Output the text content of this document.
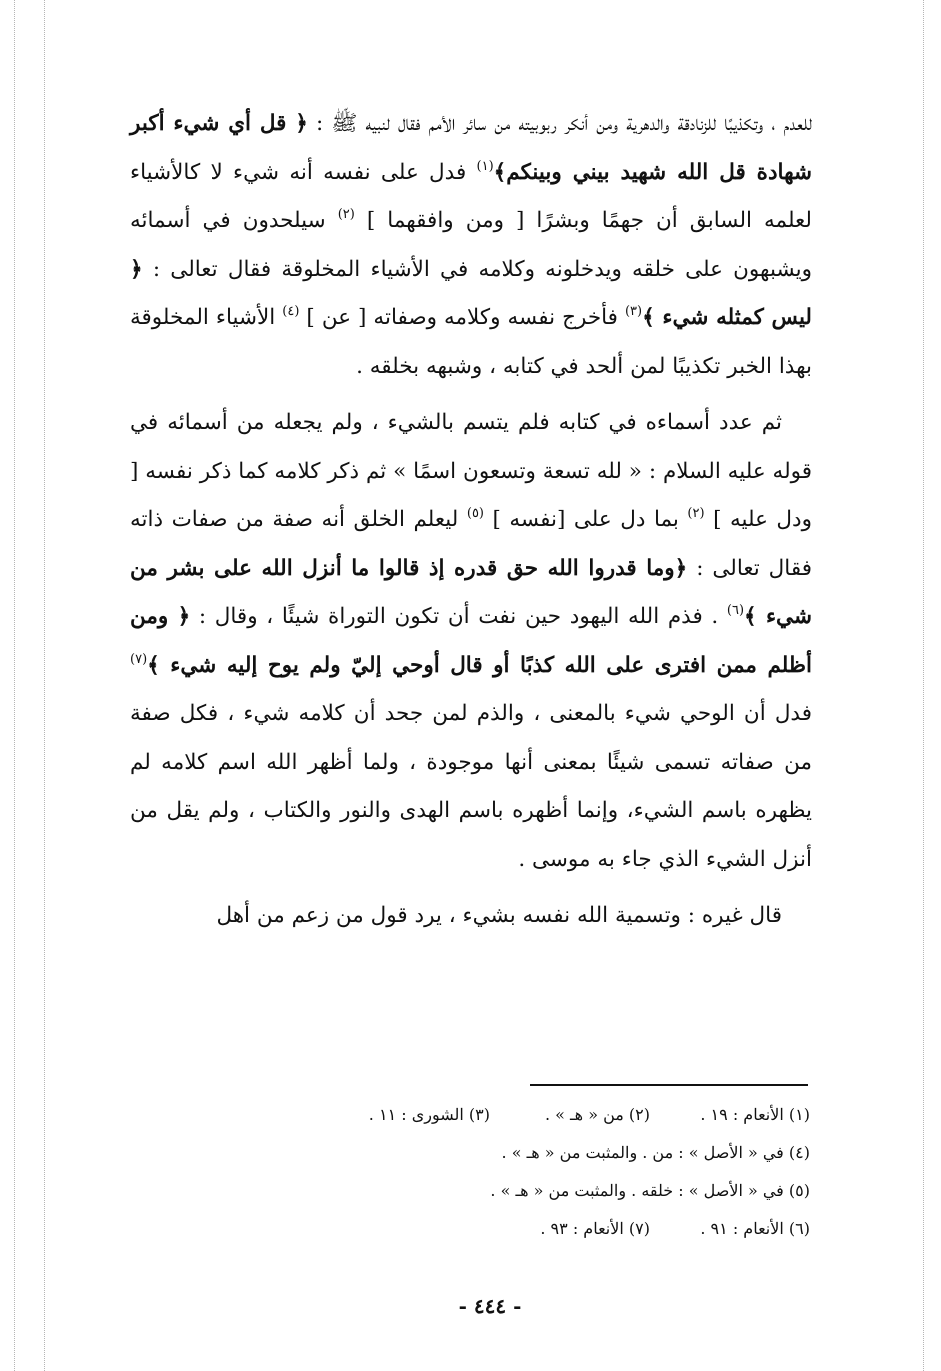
للعدم ، وتكذيبًا للزنادقة والدهرية ومن أنكر ربوبيته من سائر الأمم فقال لنبيه ﷺ : ﴿ قل أي شيء أكبر شهادة قل الله شهيد بيني وبينكم﴾$^{(١)}$ فدل على نفسه أنه شيء لا كالأشياء لعلمه السابق أن جهمًا وبشرًا [ ومن وافقهما ] $^{(٢)}$ سيلحدون في أسمائه ويشبهون على خلقه ويدخلونه وكلامه في الأشياء المخلوقة فقال تعالى : ﴿ ليس كمثله شيء ﴾$^{(٣)}$ فأخرج نفسه وكلامه وصفاته [ عن ] $^{(٤)}$ الأشياء المخلوقة بهذا الخبر تكذيبًا لمن ألحد في كتابه ، وشبهه بخلقه .

ثم عدد أسماءه في كتابه فلم يتسم بالشيء ، ولم يجعله من أسمائه في قوله عليه السلام : « لله تسعة وتسعون اسمًا » ثم ذكر كلامه كما ذكر نفسه [ ودل عليه ] $^{(٢)}$ بما دل على [نفسه ] $^{(٥)}$ ليعلم الخلق أنه صفة من صفات ذاته فقال تعالى : ﴿وما قدروا الله حق قدره إذ قالوا ما أنزل الله على بشر من شيء ﴾$^{(٦)}$ . فذم الله اليهود حين نفت أن تكون التوراة شيئًا ، وقال : ﴿ ومن أظلم ممن افترى على الله كذبًا أو قال أوحي إليّ ولم يوح إليه شيء ﴾$^{(٧)}$ فدل أن الوحي شيء بالمعنى ، والذم لمن جحد أن كلامه شيء ، فكل صفة من صفاته تسمى شيئًا بمعنى أنها موجودة ، ولما أظهر الله اسم كلامه لم يظهره باسم الشيء، وإنما أظهره باسم الهدى والنور والكتاب ، ولم يقل من أنزل الشيء الذي جاء به موسى .

قال غيره : وتسمية الله نفسه بشيء ، يرد قول من زعم من أهل

(١) الأنعام : ١٩ .
(٢) من « هـ » .
(٣) الشورى : ١١ .
(٤) في « الأصل » : من . والمثبت من « هـ » .
(٥) في « الأصل » : خلقه . والمثبت من « هـ » .
(٦) الأنعام : ٩١ .
(٧) الأنعام : ٩٣ .
- ٤٤٤ -
